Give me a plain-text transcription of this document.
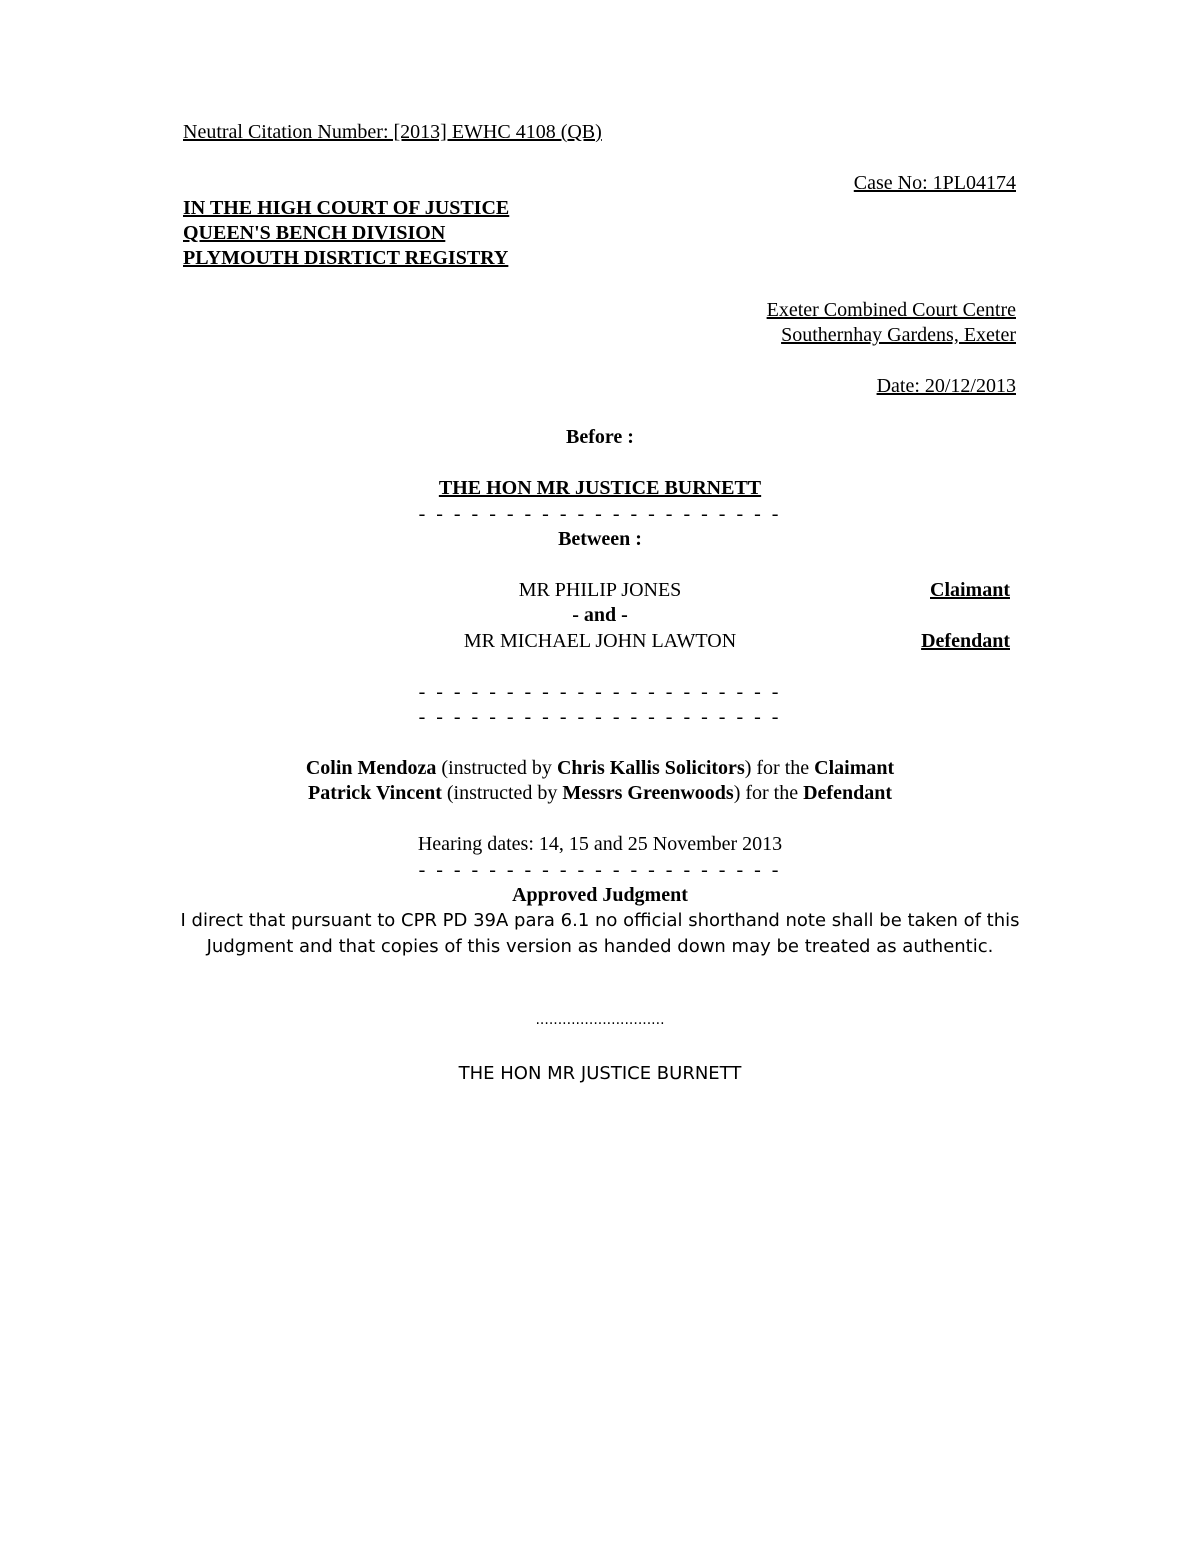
Neutral Citation Number: [2013] EWHC 4108 (QB)
Case No: 1PL04174
IN THE HIGH COURT OF JUSTICE
QUEEN'S BENCH DIVISION
PLYMOUTH DISRTICT REGISTRY
Exeter Combined Court Centre
Southernhay Gardens, Exeter
Date: 20/12/2013
Before :
THE HON MR JUSTICE BURNETT
- - - - - - - - - - - - - - - - - - - - -
Between :
MR PHILIP JONES	Claimant
- and -
MR MICHAEL JOHN LAWTON	Defendant
- - - - - - - - - - - - - - - - - - - - -
- - - - - - - - - - - - - - - - - - - - -
Colin Mendoza (instructed by Chris Kallis Solicitors) for the Claimant
Patrick Vincent (instructed by Messrs Greenwoods) for the Defendant
Hearing dates: 14, 15 and 25 November 2013
- - - - - - - - - - - - - - - - - - - - -
Approved Judgment
I direct that pursuant to CPR PD 39A para 6.1 no official shorthand note shall be taken of this Judgment and that copies of this version as handed down may be treated as authentic.
.............................
THE HON MR JUSTICE BURNETT
